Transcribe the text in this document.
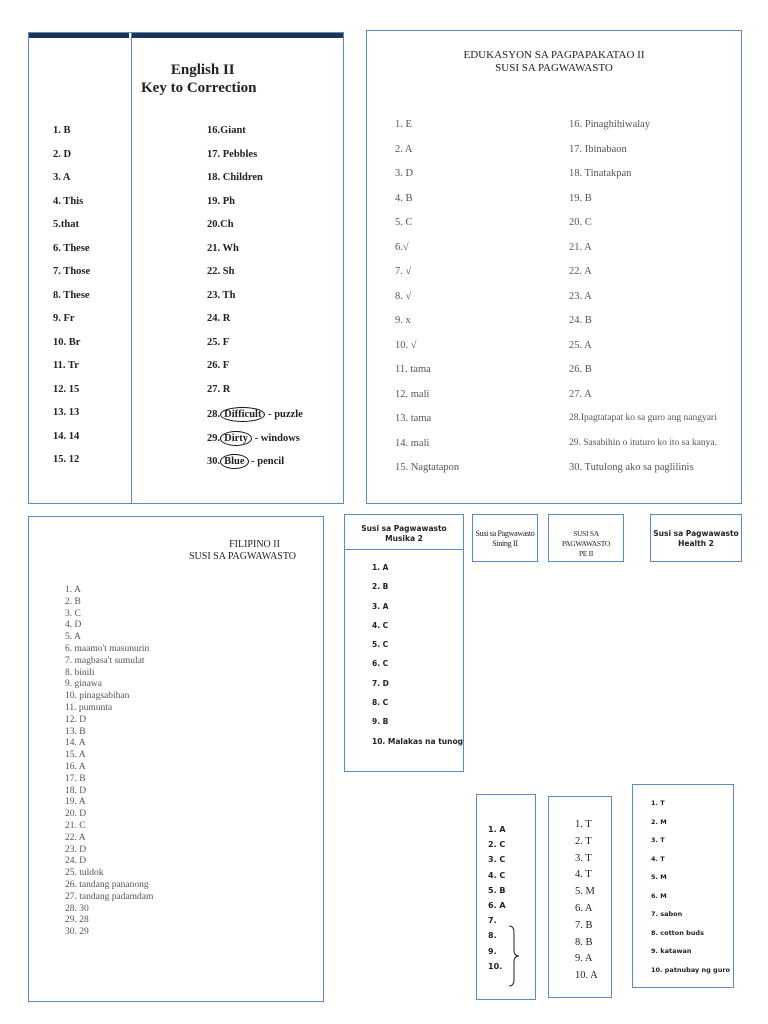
English II
Key to Correction
1. B
2. D
3. A
4. This
5.that
6. These
7. Those
8. These
9. Fr
10. Br
11. Tr
12. 15
13. 13
14. 14
15. 12
16.Giant
17. Pebbles
18. Children
19. Ph
20.Ch
21. Wh
22. Sh
23. Th
24. R
25. F
26. F
27. R
28. Difficult - puzzle
29. Dirty - windows
30. Blue - pencil
EDUKASYON SA PAGPAPAKATAO II
SUSI SA PAGWAWASTO
1. E
2. A
3. D
4. B
5. C
6.√
7. √
8. √
9. x
10. √
11. tama
12. mali
13. tama
14. mali
15. Nagtatapon
16. Pinaghihiwalay
17. Ibinabaon
18. Tinatakpan
19. B
20. C
21. A
22. A
23. A
24. B
25. A
26. B
27. A
28.Ipagtatapat ko sa guro ang nangyari
29. Sasabihin o ituturo ko ito sa kanya.
30. Tutulong ako sa paglilinis
FILIPINO II
SUSI SA PAGWAWASTO
1. A
2. B
3. C
4. D
5. A
6. maamo't masunurin
7. magbasa't sumulat
8. binili
9. ginawa
10. pinagsabihan
11. pumunta
12. D
13. B
14. A
15. A
16. A
17. B
18. D
19. A
20. D
21. C
22. A
23. D
24. D
25. tuldok
26. tandang pananong
27. tandang padamdam
28. 30
29. 28
30. 29
Susi sa Pagwawasto
Musika 2
1. A
2. B
3. A
4. C
5. C
6. C
7. D
8. C
9. B
10. Malakas na tunog
Susi sa Pagwawasto
Sining II
SUSI SA PAGWAWASTO
PE II
Susi sa Pagwawasto
Health 2
1. A
2. C
3. C
4. C
5. B
6. A
7.
8.
9.
10.
1. T
2. T
3. T
4. T
5. M
6. A
7. B
8. B
9. A
10. A
1. T
2. M
3. T
4. T
5. M
6. M
7. sabon
8. cotton buds
9. katawan
10. patnubay ng guro
